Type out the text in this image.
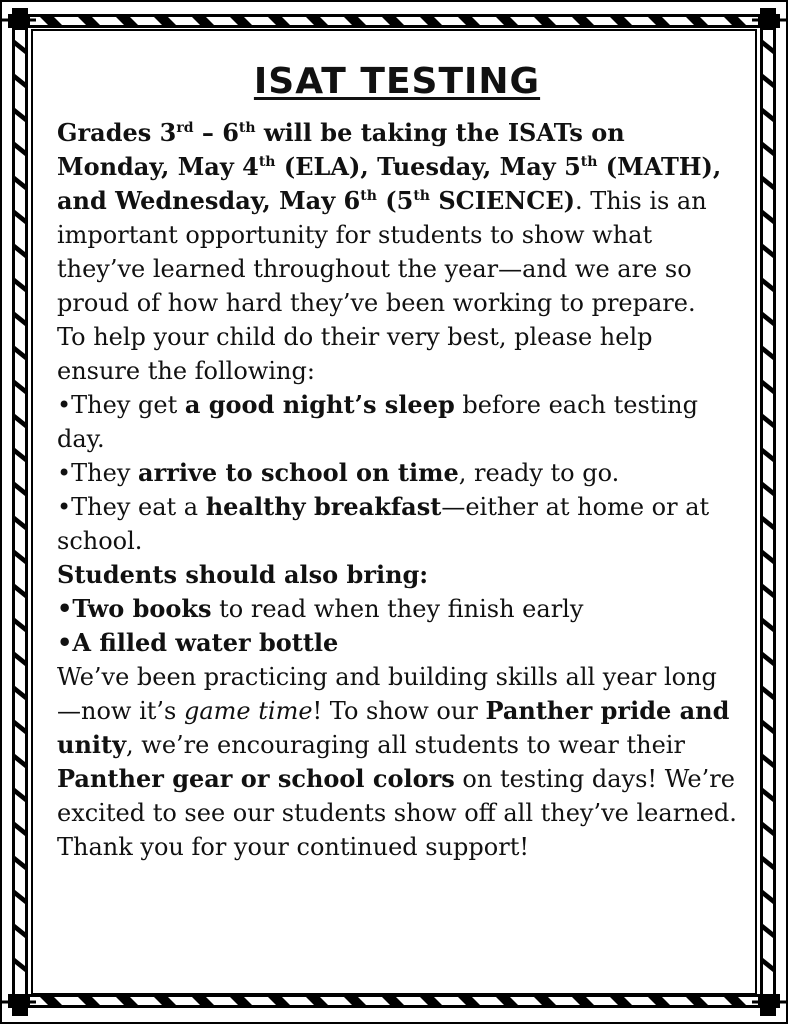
ISAT TESTING

Grades 3rd – 6th will be taking the ISATs on Monday, May 4th (ELA), Tuesday, May 5th (MATH), and Wednesday, May 6th (5th SCIENCE). This is an important opportunity for students to show what they’ve learned throughout the year—and we are so proud of how hard they’ve been working to prepare.

To help your child do their very best, please help ensure the following:

•They get a good night’s sleep before each testing day.

•They arrive to school on time, ready to go.

•They eat a healthy breakfast—either at home or at school.

Students should also bring:

•Two books to read when they finish early

•A filled water bottle

We’ve been practicing and building skills all year long—now it’s game time! To show our Panther pride and unity, we’re encouraging all students to wear their Panther gear or school colors on testing days! We’re excited to see our students show off all they’ve learned.

Thank you for your continued support!
